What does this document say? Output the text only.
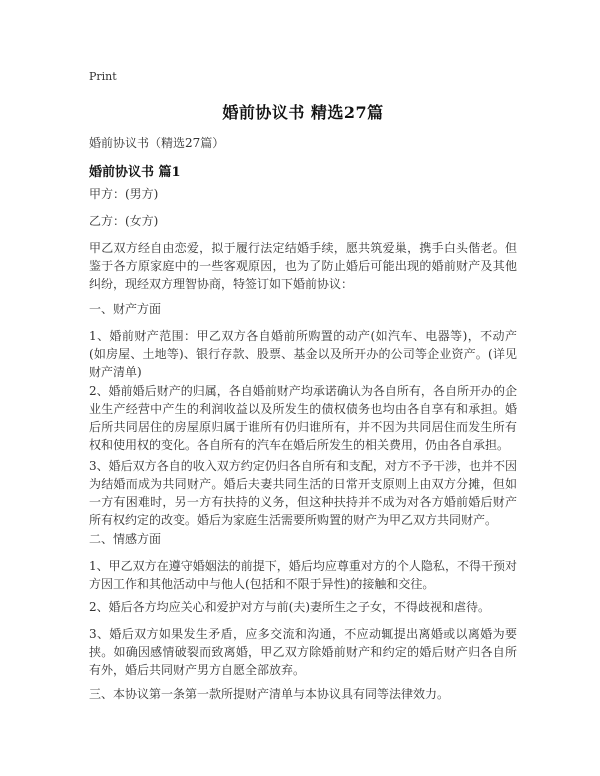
Print
婚前协议书 精选27篇
婚前协议书（精选27篇）
婚前协议书 篇1

甲方：(男方)

乙方：(女方)

甲乙双方经自由恋爱，拟于履行法定结婚手续，愿共筑爱巢，携手白头偕老。但鉴于各方原家庭中的一些客观原因，也为了防止婚后可能出现的婚前财产及其他纠纷，现经双方理智协商，特签订如下婚前协议：

一、财产方面

1、婚前财产范围：甲乙双方各自婚前所购置的动产(如汽车、电器等)，不动产(如房屋、土地等)、银行存款、股票、基金以及所开办的公司等企业资产。(详见财产清单)

2、婚前婚后财产的归属，各自婚前财产均承诺确认为各自所有，各自所开办的企业生产经营中产生的利润收益以及所发生的债权债务也均由各自享有和承担。婚后所共同居住的房屋原归属于谁所有仍归谁所有，并不因为共同居住而发生所有权和使用权的变化。各自所有的汽车在婚后所发生的相关费用，仍由各自承担。

3、婚后双方各自的收入双方约定仍归各自所有和支配，对方不予干涉，也并不因为结婚而成为共同财产。婚后夫妻共同生活的日常开支原则上由双方分摊，但如一方有困难时，另一方有扶持的义务，但这种扶持并不成为对各方婚前婚后财产所有权约定的改变。婚后为家庭生活需要所购置的财产为甲乙双方共同财产。

二、情感方面

1、甲乙双方在遵守婚姻法的前提下，婚后均应尊重对方的个人隐私，不得干预对方因工作和其他活动中与他人(包括和不限于异性)的接触和交往。

2、婚后各方均应关心和爱护对方与前(夫)妻所生之子女，不得歧视和虐待。

3、婚后双方如果发生矛盾，应多交流和沟通，不应动辄提出离婚或以离婚为要挟。如确因感情破裂而致离婚，甲乙双方除婚前财产和约定的婚后财产归各自所有外，婚后共同财产男方自愿全部放弃。

三、本协议第一条第一款所提财产清单与本协议具有同等法律效力。
